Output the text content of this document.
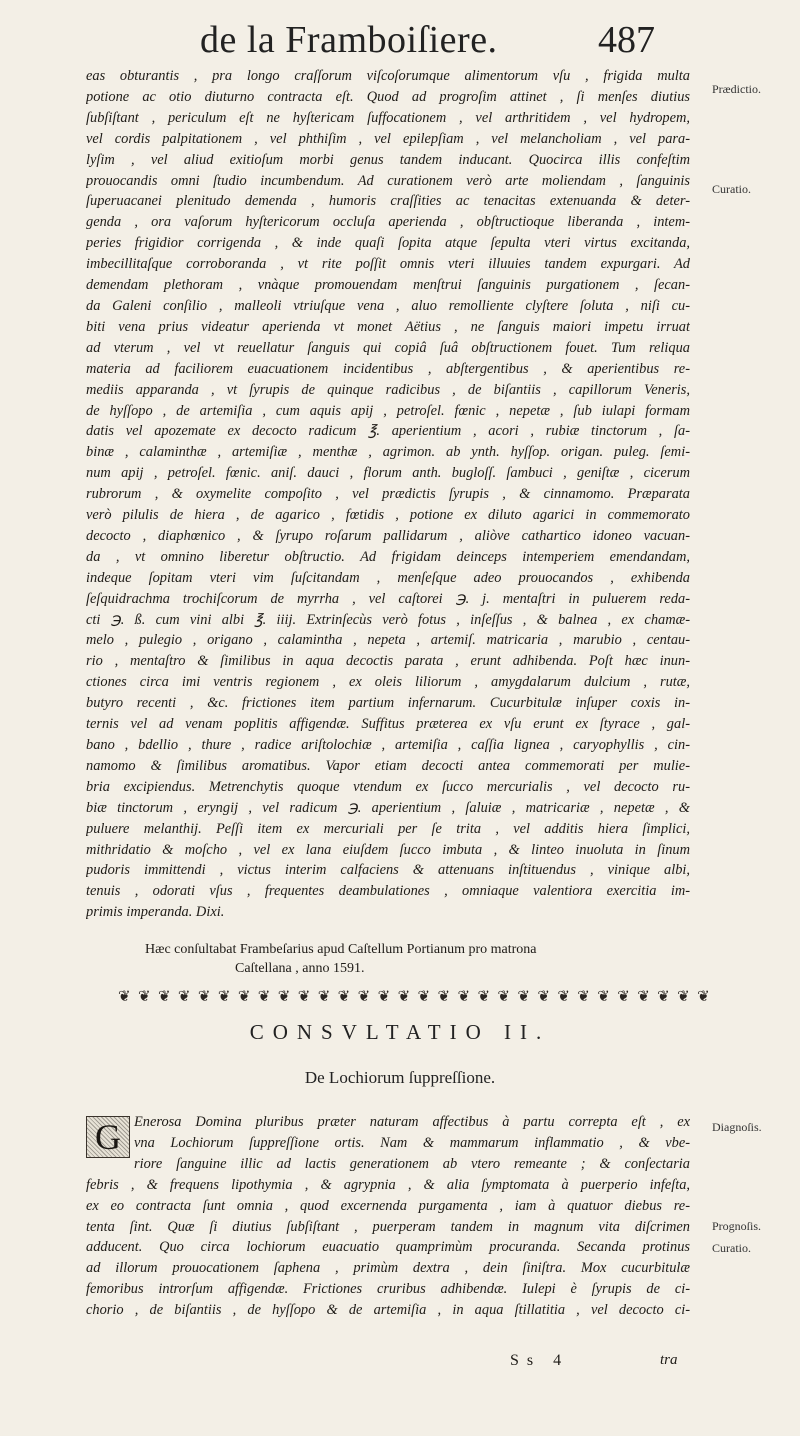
de la Framboiſiere.	487
eas obturantis , pra longo craſſorum viſcoſorumque alimentorum vſu , frigida multa
potione ac otio diuturno contracta eſt. Quod ad progroſim attinet , ſi menſes diutius
ſubſiſtant , periculum eſt ne hyſtericam ſuffocationem , vel arthritidem , vel hydropem,
vel cordis palpitationem , vel phthiſim , vel epilepſiam , vel melancholiam , vel para-
lyſim , vel aliud exitioſum morbi genus tandem inducant. Quocirca illis confeſtim
prouocandis omni ſtudio incumbendum. Ad curationem verò arte moliendam , ſanguinis
ſuperuacanei plenitudo demenda , humoris craſſities ac tenacitas extenuanda & deter-
genda , ora vaſorum hyſtericorum occluſa aperienda , obſtructioque liberanda , intem-
peries frigidior corrigenda , & inde quaſi ſopita atque ſepulta vteri virtus excitanda,
imbecillitaſque corroboranda , vt rite poſſit omnis vteri illuuies tandem expurgari. Ad
demendam plethoram , vnàque promouendam menſtrui ſanguinis purgationem , ſecan-
da Galeni conſilio , malleoli vtriuſque vena , aluo remolliente clyſtere ſoluta , niſi cu-
biti vena prius videatur aperienda vt monet Aëtius , ne ſanguis maiori impetu irruat
ad vterum , vel vt reuellatur ſanguis qui copiâ ſuâ obſtructionem fouet. Tum reliqua
materia ad faciliorem euacuationem incidentibus , abſtergentibus , & aperientibus re-
mediis apparanda , vt ſyrupis de quinque radicibus , de biſantiis , capillorum Veneris,
de hyſſopo , de artemiſia , cum aquis apij , petroſel. fœnic , nepetæ , ſub iulapi formam
datis vel apozemate ex decocto radicum ℥. aperientium , acori , rubiæ tinctorum , ſa-
binæ , calaminthæ , artemiſiæ , menthæ , agrimon. ab ynth. hyſſop. origan. puleg. ſemi-
num apij , petroſel. fœnic. aniſ. dauci , florum anth. bugloſſ. ſambuci , geniſtæ , cicerum
rubrorum , & oxymelite compoſito , vel prædictis ſyrupis , & cinnamomo. Præparata
verò pilulis de hiera , de agarico , fœtidis , potione ex diluto agarici in commemorato
decocto , diaphœnico , & ſyrupo roſarum pallidarum , aliòve cathartico idoneo vacuan-
da , vt omnino liberetur obſtructio. Ad frigidam deinceps intemperiem emendandam,
indeque ſopitam vteri vim ſuſcitandam , menſeſque adeo prouocandos , exhibenda
ſeſquidrachma trochiſcorum de myrrha , vel caſtorei ℈. j. mentaſtri in puluerem reda-
cti ℈. ß. cum vini albi ℥. iiij. Extrinſecùs verò fotus , inſeſſus , & balnea , ex chamæ-
melo , pulegio , origano , calamintha , nepeta , artemiſ. matricaria , marubio , centau-
rio , mentaſtro & ſimilibus in aqua decoctis parata , erunt adhibenda. Poſt hæc inun-
ctiones circa imi ventris regionem , ex oleis liliorum , amygdalarum dulcium , rutæ,
butyro recenti , &c. frictiones item partium infernarum. Cucurbitulæ inſuper coxis in-
ternis vel ad venam poplitis affigendæ. Suffitus præterea ex vſu erunt ex ſtyrace , gal-
bano , bdellio , thure , radice ariſtolochiæ , artemiſia , caſſia lignea , caryophyllis , cin-
namomo & ſimilibus aromatibus. Vapor etiam decocti antea commemorati per mulie-
bria excipiendus. Metrenchytis quoque vtendum ex ſucco mercurialis , vel decocto ru-
biæ tinctorum , eryngij , vel radicum ℈. aperientium , ſaluiæ , matricariæ , nepetæ , &
puluere melanthij. Peſſi item ex mercuriali per ſe trita , vel additis hiera ſimplici,
mithridatio & moſcho , vel ex lana eiuſdem ſucco imbuta , & linteo inuoluta in ſinum
pudoris immittendi , victus interim calfaciens & attenuans inſtituendus , vinique albi,
tenuis , odorati vſus , frequentes deambulationes , omniaque valentiora exercitia im-
primis imperanda. Dixi.
Prædictio.
Curatio.
Hæc conſultabat Frambeſarius apud Caſtellum Portianum pro matrona
Caſtellana , anno 1591.
❦ ❦ ❦ ❦ ❦ ❦ ❦ ❦ ❦ ❦ ❦ ❦ ❦ ❦ ❦ ❦ ❦ ❦ ❦ ❦ ❦ ❦ ❦ ❦ ❦ ❦ ❦ ❦ ❦ ❦
CONSVLTATIO II.
De Lochiorum ſuppreſſione.
G Enerosa Domina pluribus præter naturam affectibus à partu correpta eſt , ex
vna Lochiorum ſuppreſſione ortis. Nam & mammarum inflammatio , & vbe-
riore ſanguine illic ad lactis generationem ab vtero remeante ; & conſectaria
febris , & frequens lipothymia , & agrypnia , & alia ſymptomata à puerperio infeſta,
ex eo contracta ſunt omnia , quod excernenda purgamenta , iam à quatuor diebus re-
tenta ſint. Quæ ſi diutius ſubſiſtant , puerperam tandem in magnum vita diſcrimen
adducent. Quo circa lochiorum euacuatio quamprimùm procuranda. Secanda protinus
ad illorum prouocationem ſaphena , primùm dextra , dein ſiniſtra. Mox cucurbitulæ
femoribus introrſum affigendæ. Frictiones cruribus adhibendæ. Iulepi è ſyrupis de ci-
chorio , de biſantiis , de hyſſopo & de artemiſia , in aqua ſtillatitia , vel decocto ci-
Diagnoſis.
Prognoſis.
Curatio.
Ss 4	tra
